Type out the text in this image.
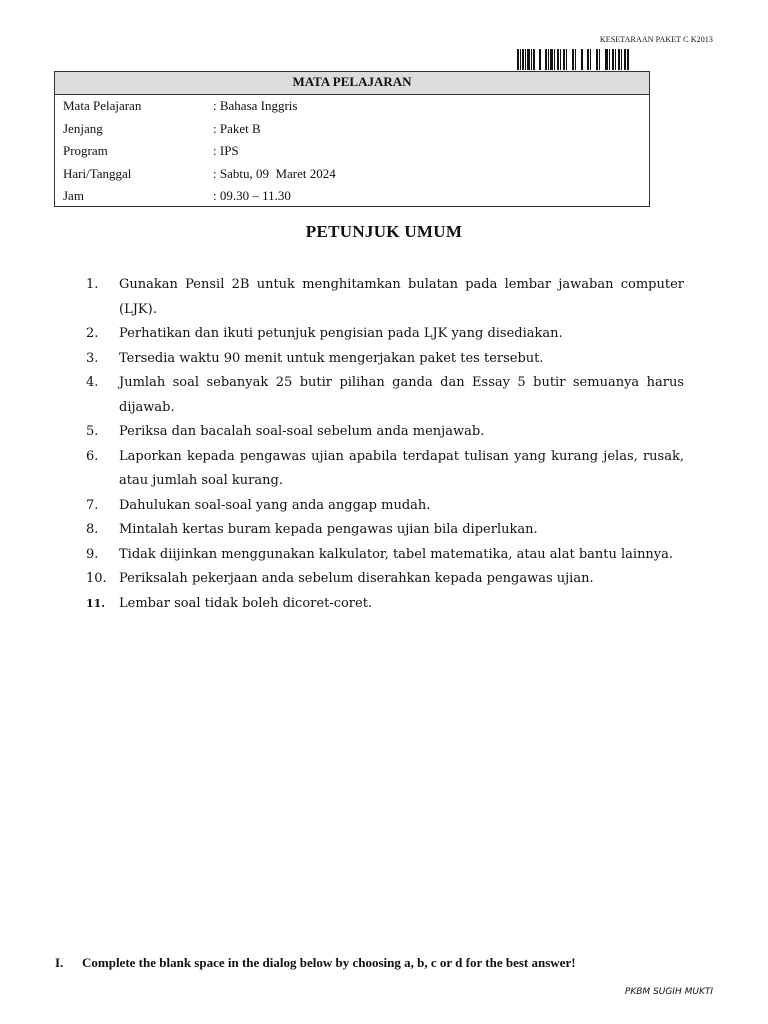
KESETARAAN PAKET C K2013
MATA PELAJARAN
Mata Pelajaran	: Bahasa Inggris
Jenjang	: Paket B
Program	: IPS
Hari/Tanggal	: Sabtu, 09  Maret 2024
Jam	: 09.30 – 11.30
PETUNJUK UMUM
1.	Gunakan Pensil 2B untuk menghitamkan bulatan pada lembar jawaban computer (LJK).
2.	Perhatikan dan ikuti petunjuk pengisian pada LJK yang disediakan.
3.	Tersedia waktu 90 menit untuk mengerjakan paket tes tersebut.
4.	Jumlah soal sebanyak 25 butir pilihan ganda dan Essay 5 butir semuanya harus dijawab.
5.	Periksa dan bacalah soal-soal sebelum anda menjawab.
6.	Laporkan kepada pengawas ujian apabila terdapat tulisan yang kurang jelas, rusak, atau jumlah soal kurang.
7.	Dahulukan soal-soal yang anda anggap mudah.
8.	Mintalah kertas buram kepada pengawas ujian bila diperlukan.
9.	Tidak diijinkan menggunakan kalkulator, tabel matematika, atau alat bantu lainnya.
10. Periksalah pekerjaan anda sebelum diserahkan kepada pengawas ujian.
11.	Lembar soal tidak boleh dicoret-coret.
I. Complete the blank space in the dialog below by choosing a, b, c or d for the best answer!
PKBM SUGIH MUKTI
